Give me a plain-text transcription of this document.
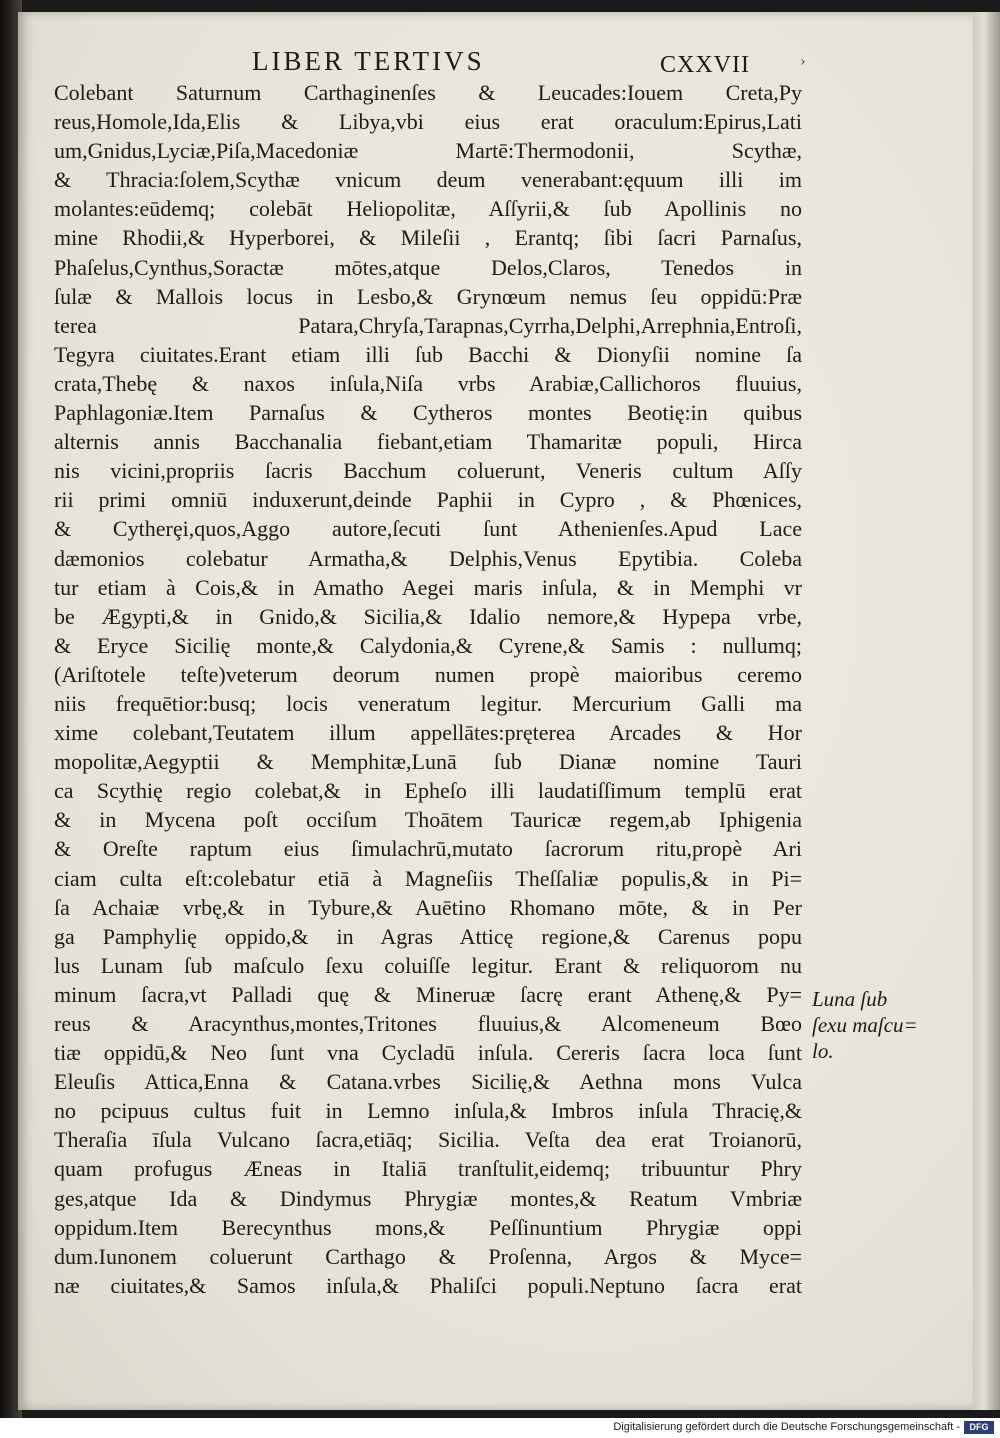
LIBER TERTIVS	CXXVII	›
Colebant Saturnum Carthaginenſes & Leucades:Iouem Creta,Py
reus,Homole,Ida,Elis & Libya,vbi eius erat oraculum:Epirus,Lati
um,Gnidus,Lyciæ,Piſa,Macedoniæ Martē:Thermodonii, Scythæ,
& Thracia:ſolem,Scythæ vnicum deum venerabant:ęquum illi im
molantes:eūdemq; colebāt Heliopolitæ, Aſſyrii,& ſub Apollinis no
mine Rhodii,& Hyperborei, & Mileſii , Erantq; ſibi ſacri Parnaſus,
Phaſelus,Cynthus,Soractæ mōtes,atque Delos,Claros, Tenedos in
ſulæ & Mallois locus in Lesbo,& Grynœum nemus ſeu oppidū:Præ
terea Patara,Chryſa,Tarapnas,Cyrrha,Delphi,Arrephnia,Entroſi,
Tegyra ciuitates.Erant etiam illi ſub Bacchi & Dionyſii nomine ſa
crata,Thebę & naxos inſula,Niſa vrbs Arabiæ,Callichoros fluuius,
Paphlagoniæ.Item Parnaſus & Cytheros montes Beotię:in quibus
alternis annis Bacchanalia fiebant,etiam Thamaritæ populi, Hirca
nis vicini,propriis ſacris Bacchum coluerunt, Veneris cultum Aſſy
rii primi omniū induxerunt,deinde Paphii in Cypro , & Phœnices,
& Cytherȩi,quos,Aggo autore,ſecuti ſunt Athenienſes.Apud Lace
dæmonios colebatur Armatha,& Delphis,Venus Epytibia. Coleba
tur etiam à Cois,& in Amatho Aegei maris inſula, & in Memphi vr
be Ægypti,& in Gnido,& Sicilia,& Idalio nemore,& Hypepa vrbe,
& Eryce Sicilię monte,& Calydonia,& Cyrene,& Samis : nullumq;
(Ariſtotele teſte)veterum deorum numen propè maioribus ceremo
niis frequētior:busq; locis veneratum legitur. Mercurium Galli ma
xime colebant,Teutatem illum appellātes:pręterea Arcades & Hor
mopolitæ,Aegyptii & Memphitæ,Lunā ſub Dianæ nomine Tauri
ca Scythię regio colebat,& in Epheſo illi laudatiſſimum templū erat
& in Mycena poſt occiſum Thoātem Tauricæ regem,ab Iphigenia
& Oreſte raptum eius ſimulachrū,mutato ſacrorum ritu,propè Ari
ciam culta eſt:colebatur etiā à Magneſiis Theſſaliæ populis,& in Pi=
ſa Achaiæ vrbę,& in Tybure,& Auētino Rhomano mōte, & in Per
ga Pamphylię oppido,& in Agras Atticę regione,& Carenus popu
lus Lunam ſub maſculo ſexu coluiſſe legitur. Erant & reliquorom nu
minum ſacra,vt Palladi quę & Mineruæ ſacrę erant Athenę,& Py=
reus & Aracynthus,montes,Tritones fluuius,& Alcomeneum Bœo
tiæ oppidū,& Neo ſunt vna Cycladū inſula. Cereris ſacra loca ſunt
Eleuſis Attica,Enna & Catana.vrbes Sicilię,& Aethna mons Vulca
no pcipuus cultus fuit in Lemno inſula,& Imbros inſula Thracię,&
Theraſia īſula Vulcano ſacra,etiāq; Sicilia. Veſta dea erat Troianorū,
quam profugus Æneas in Italiā tranſtulit,eidemq; tribuuntur Phry
ges,atque Ida & Dindymus Phrygiæ montes,& Reatum Vmbriæ
oppidum.Item Berecynthus mons,& Peſſinuntium Phrygiæ oppi
dum.Iunonem coluerunt Carthago & Proſenna, Argos & Myce=
næ ciuitates,& Samos inſula,& Phaliſci populi.Neptuno ſacra erat
Luna ſub
ſexu maſcu=
lo.
Digitalisierung gefördert durch die Deutsche Forschungsgemeinschaft -	DFG
